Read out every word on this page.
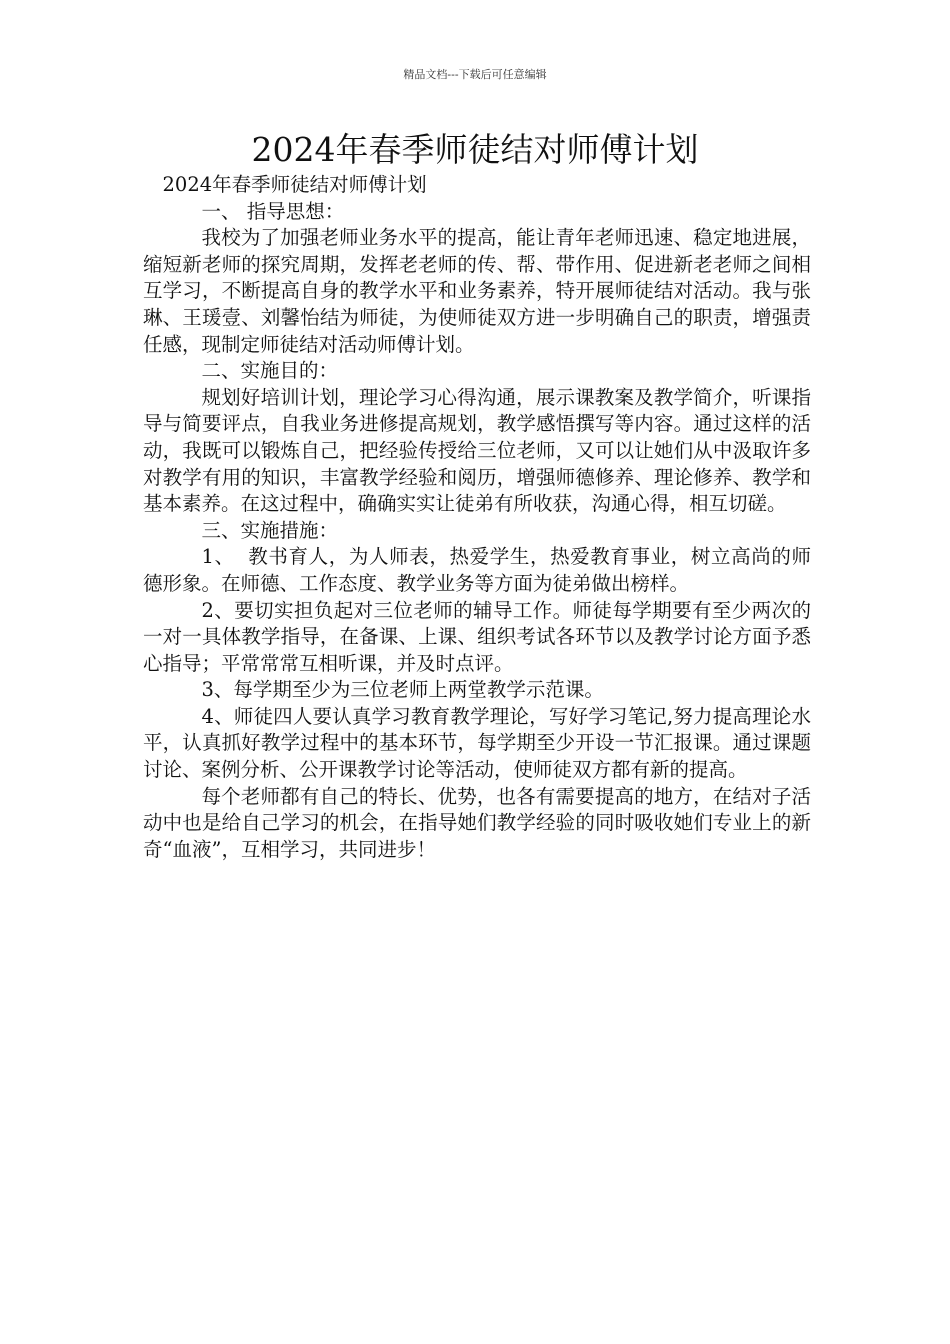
精品文档---下载后可任意编辑
2024年春季师徒结对师傅计划

2024年春季师徒结对师傅计划

一、 指导思想：

我校为了加强老师业务水平的提高，能让青年老师迅速、稳定地进展，缩短新老师的探究周期，发挥老老师的传、帮、带作用、促进新老老师之间相互学习，不断提高自身的教学水平和业务素养，特开展师徒结对活动。我与张琳、王瑗壹、刘馨怡结为师徒，为使师徒双方进一步明确自己的职责，增强责任感，现制定师徒结对活动师傅计划。

二、实施目的：

规划好培训计划，理论学习心得沟通，展示课教案及教学简介，听课指导与简要评点，自我业务进修提高规划，教学感悟撰写等内容。通过这样的活动，我既可以锻炼自己，把经验传授给三位老师，又可以让她们从中汲取许多对教学有用的知识，丰富教学经验和阅历，增强师德修养、理论修养、教学和基本素养。在这过程中，确确实实让徒弟有所收获，沟通心得，相互切磋。

三、实施措施：

1、  教书育人，为人师表，热爱学生，热爱教育事业，树立高尚的师德形象。在师德、工作态度、教学业务等方面为徒弟做出榜样。

2、要切实担负起对三位老师的辅导工作。师徒每学期要有至少两次的一对一具体教学指导，在备课、上课、组织考试各环节以及教学讨论方面予悉心指导；平常常常互相听课，并及时点评。

3、每学期至少为三位老师上两堂教学示范课。

4、师徒四人要认真学习教育教学理论，写好学习笔记,努力提高理论水平，认真抓好教学过程中的基本环节，每学期至少开设一节汇报课。通过课题讨论、案例分析、公开课教学讨论等活动，使师徒双方都有新的提高。

每个老师都有自己的特长、优势，也各有需要提高的地方，在结对子活动中也是给自己学习的机会，在指导她们教学经验的同时吸收她们专业上的新奇“血液”，互相学习，共同进步！
